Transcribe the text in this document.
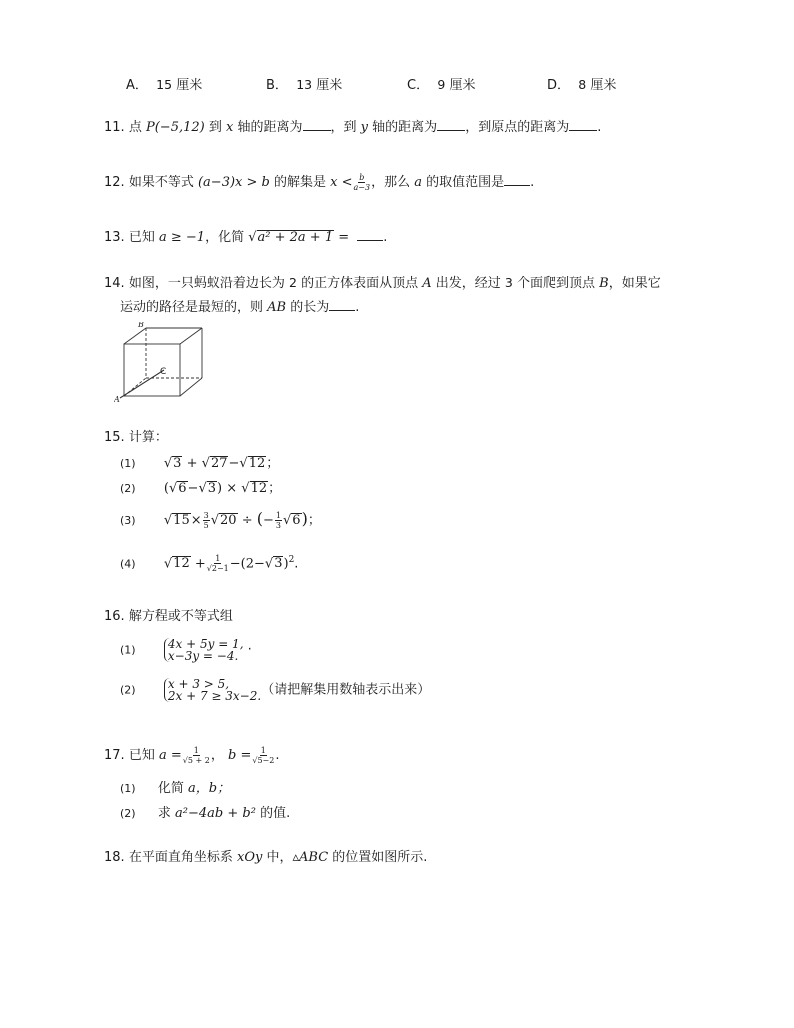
A． 15 厘米	B． 13 厘米	C． 9 厘米	D． 8 厘米
11. 点 P(−5,12) 到 x 轴的距离为 ，到 y 轴的距离为 ，到原点的距离为 .
12. 如果不等式 (a−3)x > b 的解集是 $x < \frac{b}{a-3}$ ，那么 a 的取值范围是 .
13. 已知 a ≥ −1，化简 √a² + 2a + 1 =	.
14. 如图，一只蚂蚁沿着边长为 2 的正方体表面从顶点 A 出发，经过 3 个面爬到顶点 B，如果它
运动的路径是最短的，则 AB 的长为 .
B
C
A
15. 计算：
(1) √3 + √27−√12；
(2) (√6−√3) × √12；
(3) $√15\times \frac{3}{5} √20$ ÷ (− $\frac{1}{3} √6$)；
(4) $√12 + \frac{1}{√2-1} -(2-√3)^2$.
16. 解方程或不等式组
(1)	4x + 5y = 1,
x−3y = −4. ·
(2)	x + 3 > 5,
2x + 7 ≥ 3x−2.（请把解集用数轴表示出来）
17. 已知 $a = \frac{1}{√5 + 2}$ ， $b = \frac{1}{√5-2}$ .
(1) 化简 a，b；
(2) 求 a²−4ab + b² 的值.
18. 在平面直角坐标系 xOy 中，▵ABC 的位置如图所示.
